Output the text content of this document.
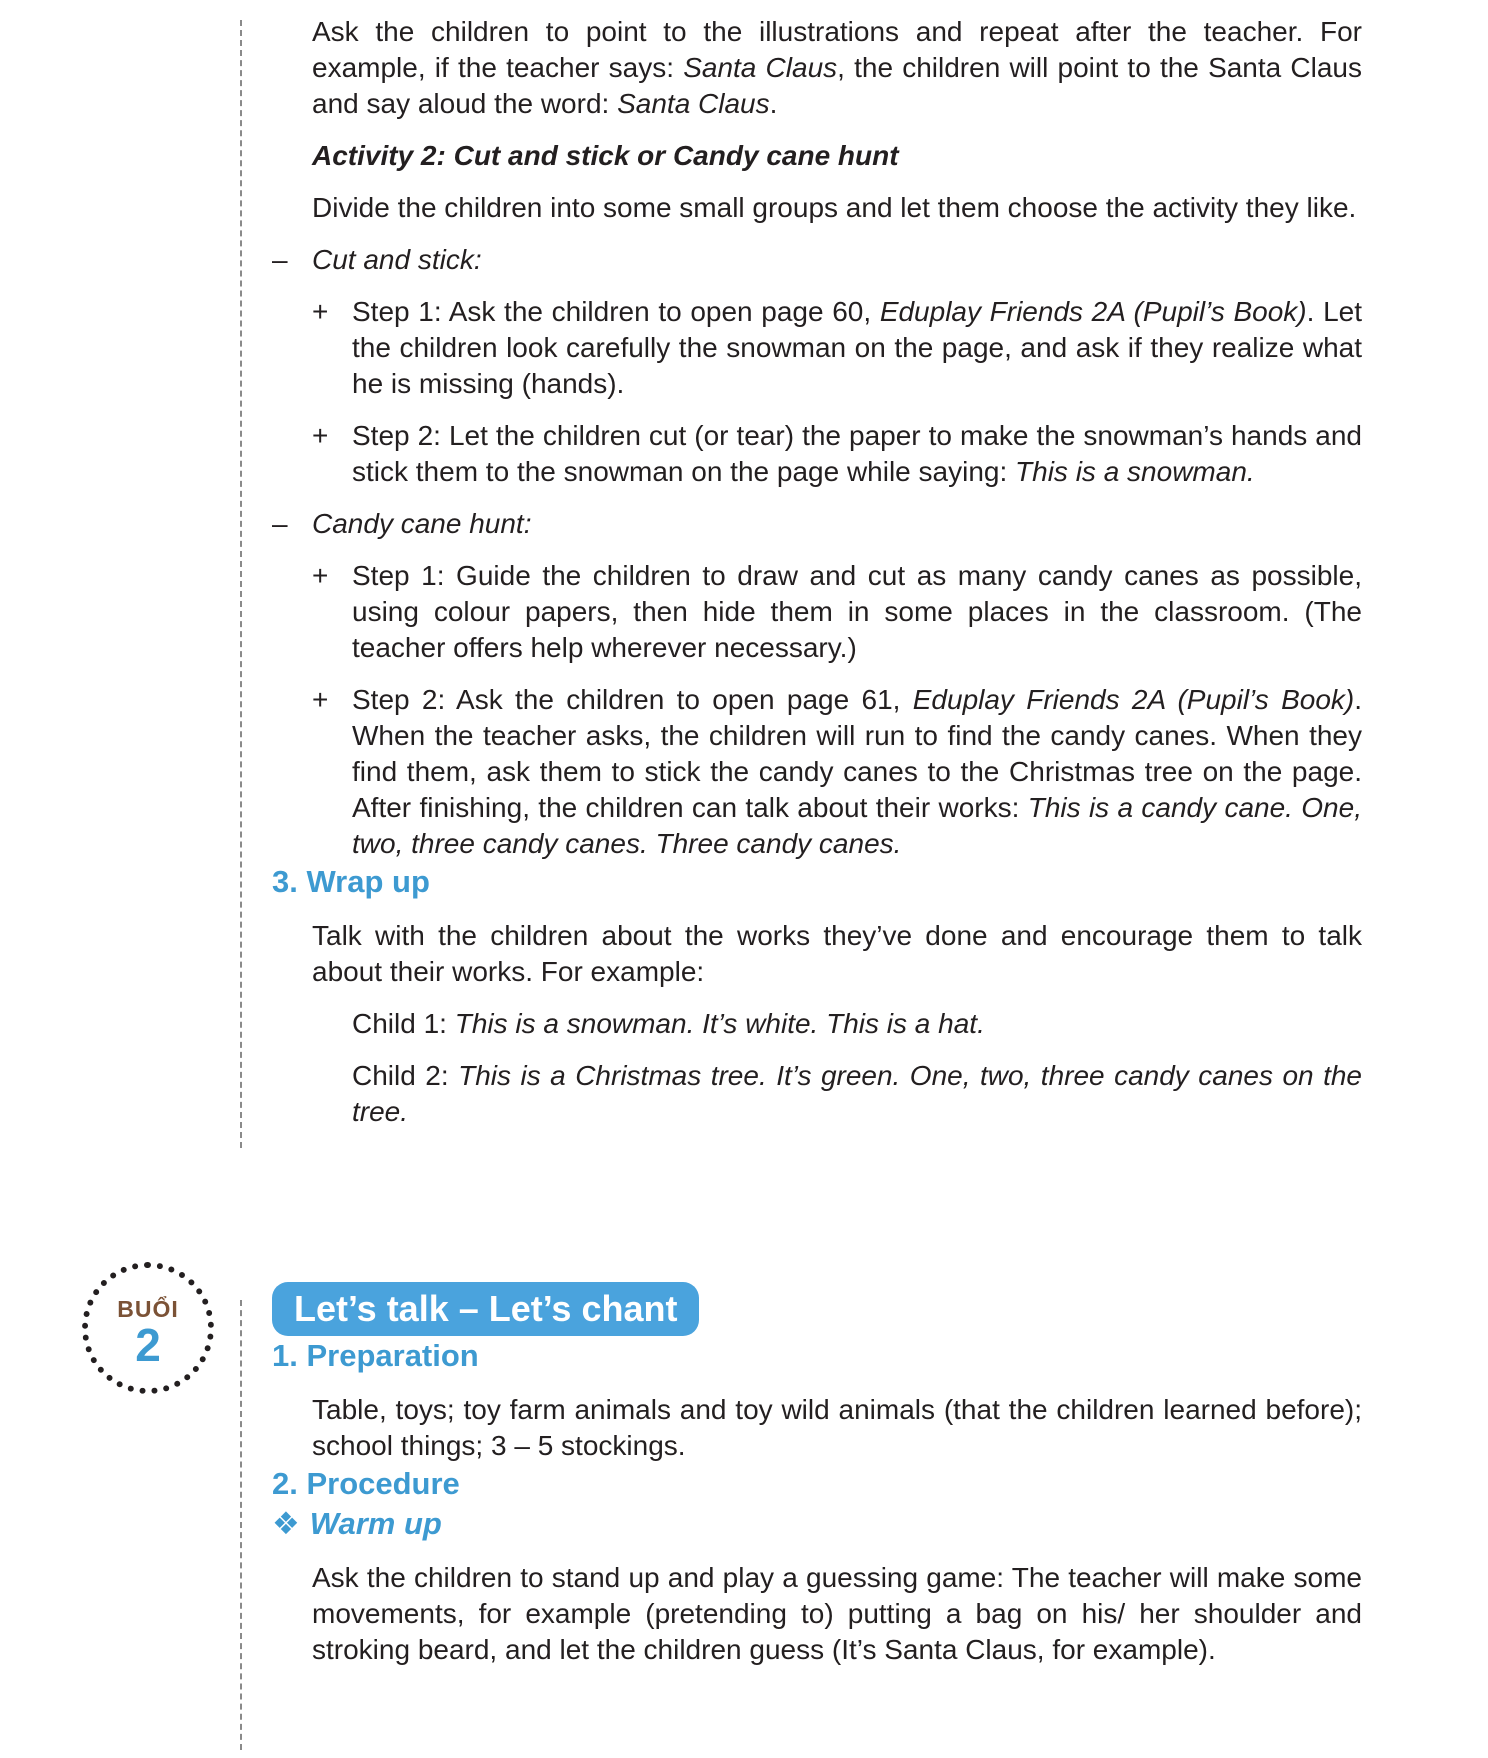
Ask the children to point to the illustrations and repeat after the teacher. For example, if the teacher says: Santa Claus, the children will point to the Santa Claus and say aloud the word: Santa Claus.

Activity 2: Cut and stick or Candy cane hunt

Divide the children into some small groups and let them choose the activity they like.

– Cut and stick:

+ Step 1: Ask the children to open page 60, Eduplay Friends 2A (Pupil’s Book). Let the children look carefully the snowman on the page, and ask if they realize what he is missing (hands).

+ Step 2: Let the children cut (or tear) the paper to make the snowman’s hands and stick them to the snowman on the page while saying: This is a snowman.

– Candy cane hunt:

+ Step 1: Guide the children to draw and cut as many candy canes as possible, using colour papers, then hide them in some places in the classroom. (The teacher offers help wherever necessary.)

+ Step 2: Ask the children to open page 61, Eduplay Friends 2A (Pupil’s Book). When the teacher asks, the children will run to find the candy canes. When they find them, ask them to stick the candy canes to the Christmas tree on the page. After finishing, the children can talk about their works: This is a candy cane. One, two, three candy canes. Three candy canes.

3. Wrap up

Talk with the children about the works they’ve done and encourage them to talk about their works. For example:

Child 1: This is a snowman. It’s white. This is a hat.

Child 2: This is a Christmas tree. It’s green. One, two, three candy canes on the tree.

BUỔI
2
Let’s talk – Let’s chant
1. Preparation

Table, toys; toy farm animals and toy wild animals (that the children learned before); school things; 3 – 5 stockings.

2. Procedure
❖ Warm up

Ask the children to stand up and play a guessing game: The teacher will make some movements, for example (pretending to) putting a bag on his/ her shoulder and stroking beard, and let the children guess (It’s Santa Claus, for example).
